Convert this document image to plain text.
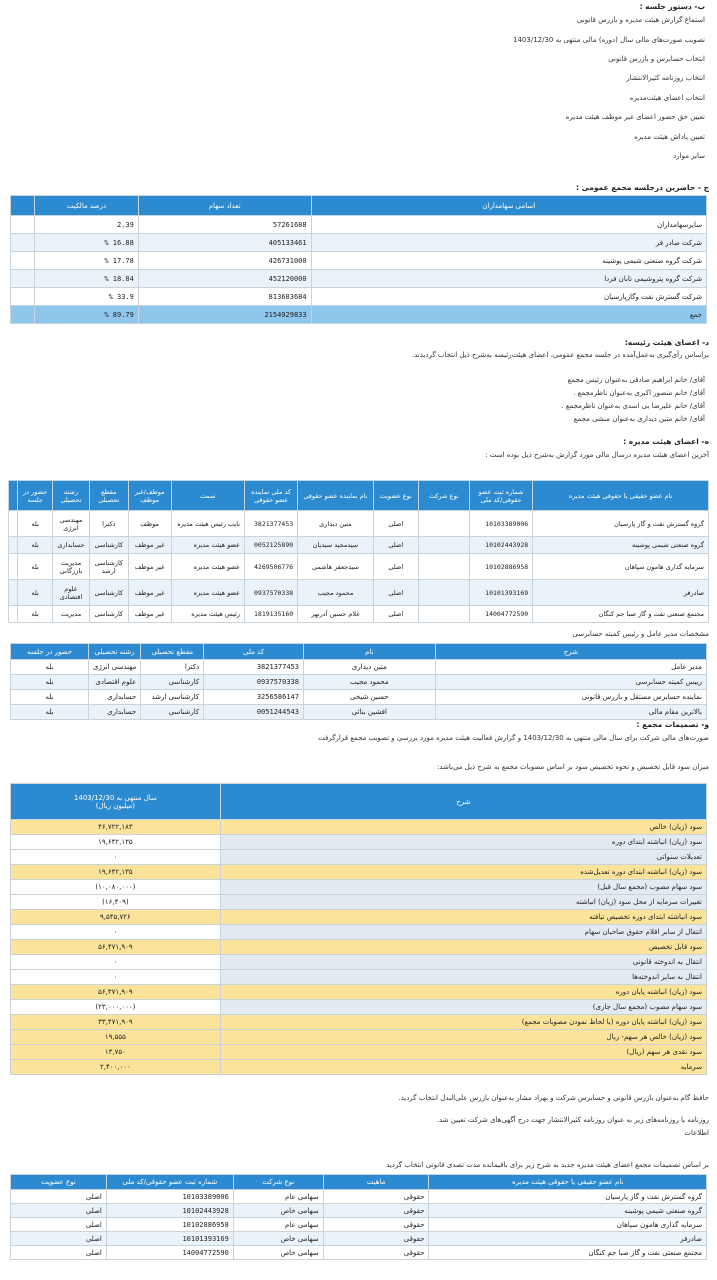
ب- دستور جلسه :
استماع گزارش هیئت مدیره و بازرس قانونی
تصویب صورت‌های مالی سال (دوره) مالی منتهی به 1403/12/30
انتخاب حسابرس و بازرس قانونی
انتخاب روزنامه کثیرالانتشار
انتخاب اعضای هیئت‌مدیره
تعیین حق حضور اعضای غیر موظف هیئت مدیره
تعیین پاداش هیئت مدیره
سایر موارد
ج - حاضرین درجلسه مجمع عمومی :
اسامی سهامداران	تعداد سهام	درصد مالکیت	
سایرسهامداران	57261688	2.39	
شرکت صادر فر	405133461	% 16.88	
شرکت گروه صنعتی شیمی پوشینه	426731000	% 17.78	
شرکت گروه پتروشیمی تابان فردا	452120000	% 18.84	
شرکت گسترش نفت وگازپارسیان	813683684	% 33.9	
جمع	2154929833	% 89.79	
د- اعضای هیئت رئیسه:
براساس رأی‌گیری به‌عمل‌آمده در جلسه مجمع عمومی، اعضای هیئت‌رئیسه به‌شرح ذیل انتخاب گردیدند.
آقای/ خانم ابراهیم صادقی به‌عنوان رئیس مجمع
آقای/ خانم منصور اکبری به‌عنوان ناظرمجمع .
آقای/ خانم علیرضا بی اسدی به‌عنوان ناظرمجمع .
آقای/ خانم متین دیداری به‌عنوان منشی مجمع
ه- اعضای هیئت مدیره :
آخرین اعضای هیئت مدیره درسال مالی مورد گزارش به‌شرح ذیل بوده است :
نام عضو حقیقی یا حقوقی هیئت مدیره	شماره ثبت عضو حقوقی/کد ملی	نوع شرکت	نوع عضویت	نام نماینده عضو حقوقی	کد ملی نماینده عضو حقوقی	سمت	موظف/غیر موظف	مقطع تحصیلی	رشته تحصیلی	حضور در جلسه	
گروه گسترش نفت و گاز پارسیان	10103389006		اصلی	متین دیداری	3821377453	نایب رئیس هیئت مدیره	موظف	دکترا	مهندسی انرژی	بله	
گروه صنعتی شیمی پوشینه	10102443928		اصلی	سیدمجید سیدیان	0052125890	عضو هیئت مدیره	غیر موظف	کارشناسی	حسابداری	بله	
سرمایه گذاری هامون سپاهان	10102886958		اصلی	سیدجعفر هاشمی	4269506776	عضو هیئت مدیره	غیر موظف	کارشناسی ارشد	مدیریت بازرگانی	بله	
صادرفر	10101393169		اصلی	محمود مجیب	0937570338	عضو هیئت مدیره	غیر موظف	کارشناسی	علوم اقتصادی	بله	
مجتمع صنعتی نفت و گاز صبا جم کنگان	14004772590		اصلی	غلام حسین آدرنهر	1819135160	رئیس هیئت مدیره	غیر موظف	کارشناسی	مدیریت	بله	
مشخصات مدیر عامل و رئیس کمیته حسابرسی
شرح	نام	کد ملی	مقطع تحصیلی	رشته تحصیلی	حضور در جلسه
مدیر عامل	متین دیداری	3821377453	دکترا	مهندسی انرژی	بله
رییس کمیته حسابرسی	محمود مجیب	0937570338	کارشناسی	علوم اقتصادی	بله
نماینده حسابرس مستقل و بازرس قانونی	حسین شیخی	3256586147	کارشناسی ارشد	حسابداری	بله
بالاترین مقام مالی	افشین بنائی	0051244543	کارشناسی	حسابداری	بله
و- تصمیمات مجمع :
صورت‌های مالی شرکت برای سال مالی منتهی به 1403/12/30 و گزارش فعالیت هیئت مدیره مورد بررسی و تصویب مجمع قرارگرفت
میزان سود قابل تخصیص و نحوه تخصیص سود بر اساس مصوبات مجمع به شرح ذیل می‌باشد:
شرح	سال منتهی به 1403/12/30
(میلیون ریال)

سود (زیان) خالص	۴۶,۷۲۲,۱۸۳
سود (زیان) انباشته ابتدای دوره	۱۹,۶۴۲,۱۳۵
تعدیلات سنواتی	۰
سود (زیان) انباشته ابتدای دوره تعدیل‌شده	۱۹,۶۴۲,۱۳۵
سود سهام مصوب (مجمع سال قبل)	(۱۰,۰۸۰,۰۰۰)
تغییرات سرمایه از محل سود (زیان) انباشته	(۱۶,۴۰۹)
سود انباشته ابتدای دوره تخصیص نیافته	۹,۵۴۵,۷۲۶
انتقال از سایر اقلام حقوق صاحبان سهام	۰
سود قابل تخصیص	۵۶,۴۷۱,۹۰۹
انتقال به اندوخته قانونی	۰
انتقال به سایر اندوخته‌ها	۰
سود (زیان) انباشته پایان دوره	۵۶,۴۷۱,۹۰۹
سود سهام مصوب (مجمع سال جاری)	(۲۳,۰۰۰,۰۰۰)
سود (زیان) انباشته پایان دوره (با لحاظ نمودن مصوبات مجمع)	۳۳,۴۷۱,۹۰۹
سود (زیان) خالص هر سهم- ریال	۱۹,۵۵۵
سود نقدی هر سهم (ریال)	۱۳,۷۵۰
سرمایه	۲,۴۰۰,۰۰۰
حافظ گام به‌عنوان بازرس قانونی و حسابرس شرکت و بهراد مشار به‌عنوان بازرس علی‌البدل انتخاب گردید.
روزنامه یا روزنامه‌های زیر به عنوان روزنامه کثیرالانتشار جهت درج آگهی‌های شرکت تعیین شد.
اطلاعات
بر اساس تصمیمات مجمع اعضای هیئت مدیره جدید به شرح زیر برای باقیمانده مدت تصدی قانونی انتخاب گردید
نام عضو حقیقی یا حقوقی هیئت مدیره	ماهیت	نوع شرکت	شماره ثبت عضو حقوقی/کد ملی	نوع عضویت
گروه گسترش نفت و گاز پارسیان	حقوقی	سهامی عام	10103389006	اصلی
گروه صنعتی شیمی پوشینه	حقوقی	سهامی خاص	10102443928	اصلی
سرمایه گذاری هامون سپاهان	حقوقی	سهامی عام	10102886958	اصلی
صادرفر	حقوقی	سهامی خاص	10101393169	اصلی
مجتمع صنعتی نفت و گاز صبا جم کنگان	حقوقی	سهامی خاص	14004772590	اصلی
